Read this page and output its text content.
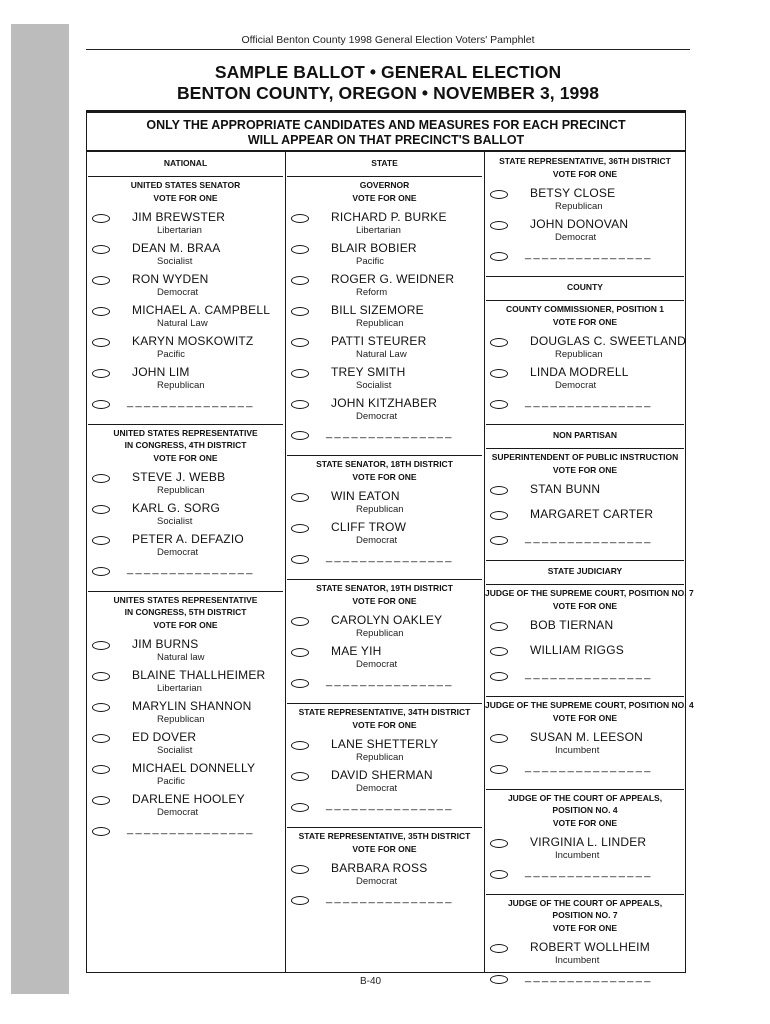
Official Benton County 1998 General Election Voters' Pamphlet
SAMPLE BALLOT • GENERAL ELECTION
BENTON COUNTY, OREGON • NOVEMBER 3, 1998
ONLY THE APPROPRIATE CANDIDATES AND MEASURES FOR EACH PRECINCT
WILL APPEAR ON THAT PRECINCT'S BALLOT
NATIONAL
UNITED STATES SENATOR
VOTE FOR ONE
JIM BREWSTER
Libertarian
DEAN M. BRAA
Socialist
RON WYDEN
Democrat
MICHAEL A. CAMPBELL
Natural Law
KARYN MOSKOWITZ
Pacific
JOHN LIM
Republican
_______________
UNITED STATES REPRESENTATIVE
IN CONGRESS, 4TH DISTRICT
VOTE FOR ONE
STEVE J. WEBB
Republican
KARL G. SORG
Socialist
PETER A. DEFAZIO
Democrat
_______________
UNITES STATES REPRESENTATIVE
IN CONGRESS, 5TH DISTRICT
VOTE FOR ONE
JIM BURNS
Natural law
BLAINE THALLHEIMER
Libertarian
MARYLIN SHANNON
Republican
ED DOVER
Socialist
MICHAEL DONNELLY
Pacific
DARLENE HOOLEY
Democrat
_______________
STATE
GOVERNOR
VOTE FOR ONE
RICHARD P. BURKE
Libertarian
BLAIR BOBIER
Pacific
ROGER G. WEIDNER
Reform
BILL SIZEMORE
Republican
PATTI STEURER
Natural Law
TREY SMITH
Socialist
JOHN KITZHABER
Democrat
_______________
STATE SENATOR, 18TH DISTRICT
VOTE FOR ONE
WIN EATON
Republican
CLIFF TROW
Democrat
_______________
STATE SENATOR, 19TH DISTRICT
VOTE FOR ONE
CAROLYN OAKLEY
Republican
MAE YIH
Democrat
_______________
STATE REPRESENTATIVE, 34TH DISTRICT
VOTE FOR ONE
LANE SHETTERLY
Republican
DAVID SHERMAN
Democrat
_______________
STATE REPRESENTATIVE, 35TH DISTRICT
VOTE FOR ONE
BARBARA ROSS
Democrat
_______________
STATE REPRESENTATIVE, 36TH DISTRICT
VOTE FOR ONE
BETSY CLOSE
Republican
JOHN DONOVAN
Democrat
_______________
COUNTY
COUNTY COMMISSIONER, POSITION 1
VOTE FOR ONE
DOUGLAS C. SWEETLAND
Republican
LINDA MODRELL
Democrat
_______________
NON PARTISAN
SUPERINTENDENT OF PUBLIC INSTRUCTION
VOTE FOR ONE
STAN BUNN
MARGARET CARTER
_______________
STATE JUDICIARY
JUDGE OF THE SUPREME COURT, POSITION NO. 7
VOTE FOR ONE
BOB TIERNAN
WILLIAM RIGGS
_______________
JUDGE OF THE SUPREME COURT, POSITION NO. 4
VOTE FOR ONE
SUSAN M. LEESON
Incumbent
_______________
JUDGE OF THE COURT OF APPEALS,
POSITION NO. 4
VOTE FOR ONE
VIRGINIA L. LINDER
Incumbent
_______________
JUDGE OF THE COURT OF APPEALS,
POSITION NO. 7
VOTE FOR ONE
ROBERT WOLLHEIM
Incumbent
_______________
B-40
